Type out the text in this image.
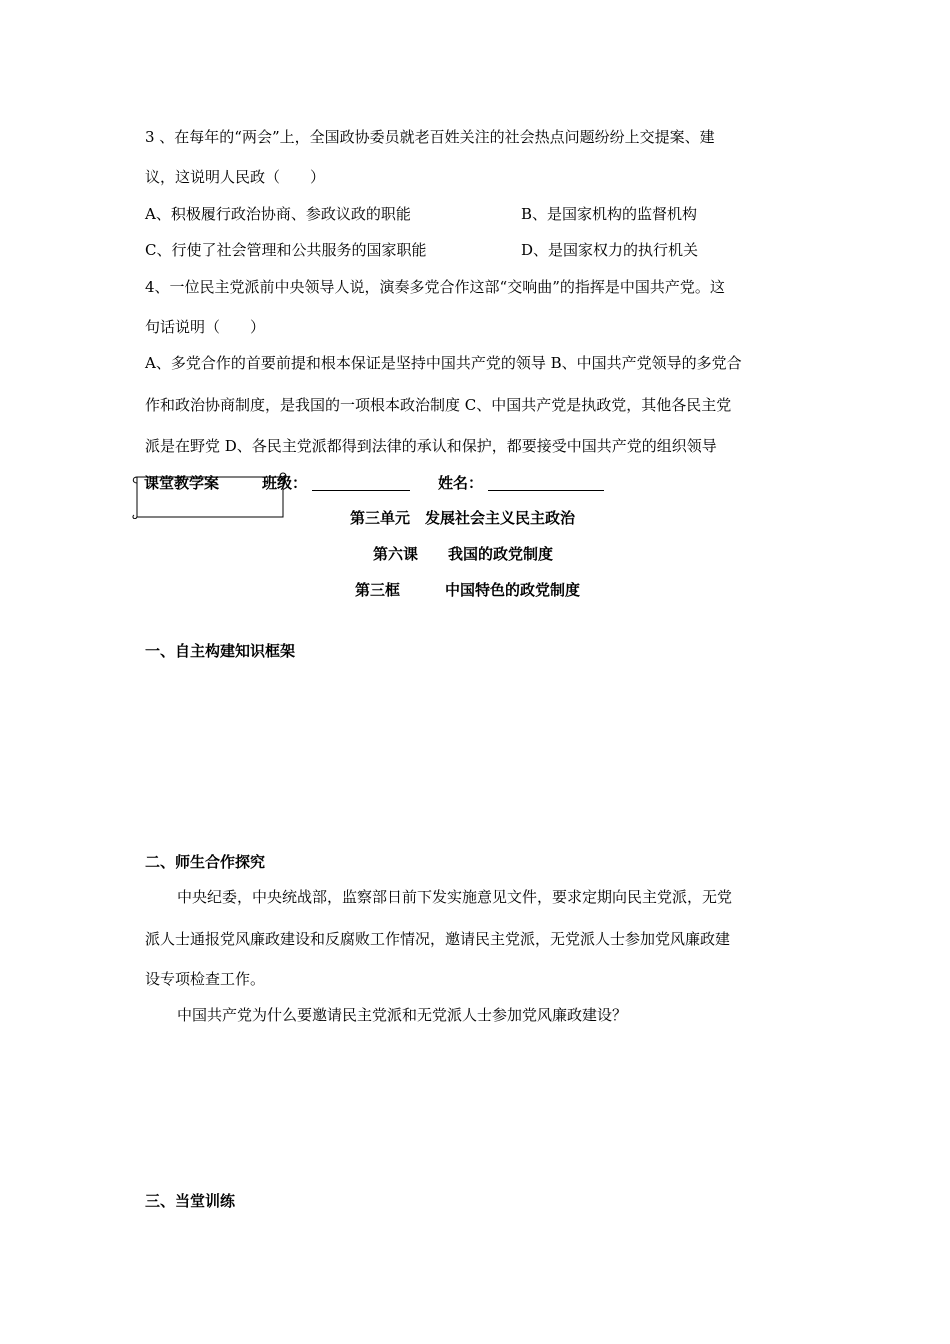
3 、在每年的“两会”上，全国政协委员就老百姓关注的社会热点问题纷纷上交提案、建
议，这说明人民政（　　）
A、积极履行政治协商、参政议政的职能	B、是国家机构的监督机构
C、行使了社会管理和公共服务的国家职能	D、是国家权力的执行机关
4、一位民主党派前中央领导人说，演奏多党合作这部“交响曲”的指挥是中国共产党。这
句话说明（　　）
A、多党合作的首要前提和根本保证是坚持中国共产党的领导 B、中国共产党领导的多党合
作和政治协商制度，是我国的一项根本政治制度 C、中国共产党是执政党，其他各民主党
派是在野党 D、各民主党派都得到法律的承认和保护，都要接受中国共产党的组织领导
课堂教学案	班级：	姓名：
第三单元　发展社会主义民主政治
第六课　　我国的政党制度
第三框　　　中国特色的政党制度
一、自主构建知识框架
二、师生合作探究
中央纪委，中央统战部，监察部日前下发实施意见文件，要求定期向民主党派，无党
派人士通报党风廉政建设和反腐败工作情况，邀请民主党派，无党派人士参加党风廉政建
设专项检查工作。
中国共产党为什么要邀请民主党派和无党派人士参加党风廉政建设？
三、当堂训练
